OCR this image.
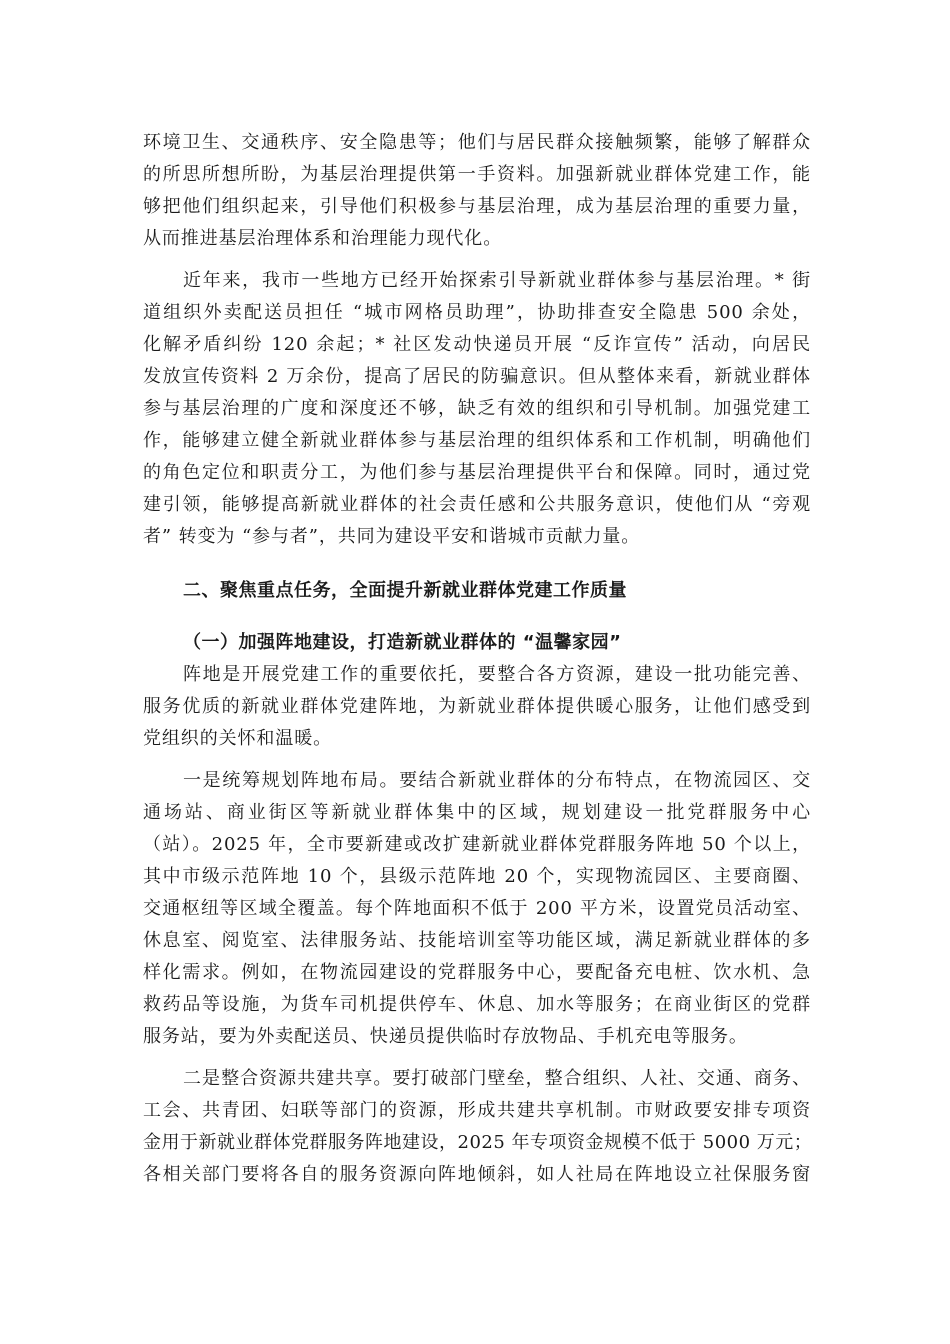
环境卫生、交通秩序、安全隐患等；他们与居民群众接触频繁，能够了解群众
的所思所想所盼，为基层治理提供第一手资料。加强新就业群体党建工作，能
够把他们组织起来，引导他们积极参与基层治理，成为基层治理的重要力量，
从而推进基层治理体系和治理能力现代化。
近年来，我市一些地方已经开始探索引导新就业群体参与基层治理。* 街
道组织外卖配送员担任 “城市网格员助理”，协助排查安全隐患 500 余处，
化解矛盾纠纷 120 余起；* 社区发动快递员开展 “反诈宣传” 活动，向居民
发放宣传资料 2 万余份，提高了居民的防骗意识。但从整体来看，新就业群体
参与基层治理的广度和深度还不够，缺乏有效的组织和引导机制。加强党建工
作，能够建立健全新就业群体参与基层治理的组织体系和工作机制，明确他们
的角色定位和职责分工，为他们参与基层治理提供平台和保障。同时，通过党
建引领，能够提高新就业群体的社会责任感和公共服务意识，使他们从 “旁观
者” 转变为 “参与者”，共同为建设平安和谐城市贡献力量。
二、聚焦重点任务，全面提升新就业群体党建工作质量
（一）加强阵地建设，打造新就业群体的 “温馨家园”
阵地是开展党建工作的重要依托，要整合各方资源，建设一批功能完善、
服务优质的新就业群体党建阵地，为新就业群体提供暖心服务，让他们感受到
党组织的关怀和温暖。
一是统筹规划阵地布局。要结合新就业群体的分布特点，在物流园区、交
通场站、商业街区等新就业群体集中的区域，规划建设一批党群服务中心
（站）。2025 年，全市要新建或改扩建新就业群体党群服务阵地 50 个以上，
其中市级示范阵地 10 个，县级示范阵地 20 个，实现物流园区、主要商圈、
交通枢纽等区域全覆盖。每个阵地面积不低于 200 平方米，设置党员活动室、
休息室、阅览室、法律服务站、技能培训室等功能区域，满足新就业群体的多
样化需求。例如，在物流园建设的党群服务中心，要配备充电桩、饮水机、急
救药品等设施，为货车司机提供停车、休息、加水等服务；在商业街区的党群
服务站，要为外卖配送员、快递员提供临时存放物品、手机充电等服务。
二是整合资源共建共享。要打破部门壁垒，整合组织、人社、交通、商务、
工会、共青团、妇联等部门的资源，形成共建共享机制。市财政要安排专项资
金用于新就业群体党群服务阵地建设，2025 年专项资金规模不低于 5000 万元；
各相关部门要将各自的服务资源向阵地倾斜，如人社局在阵地设立社保服务窗
